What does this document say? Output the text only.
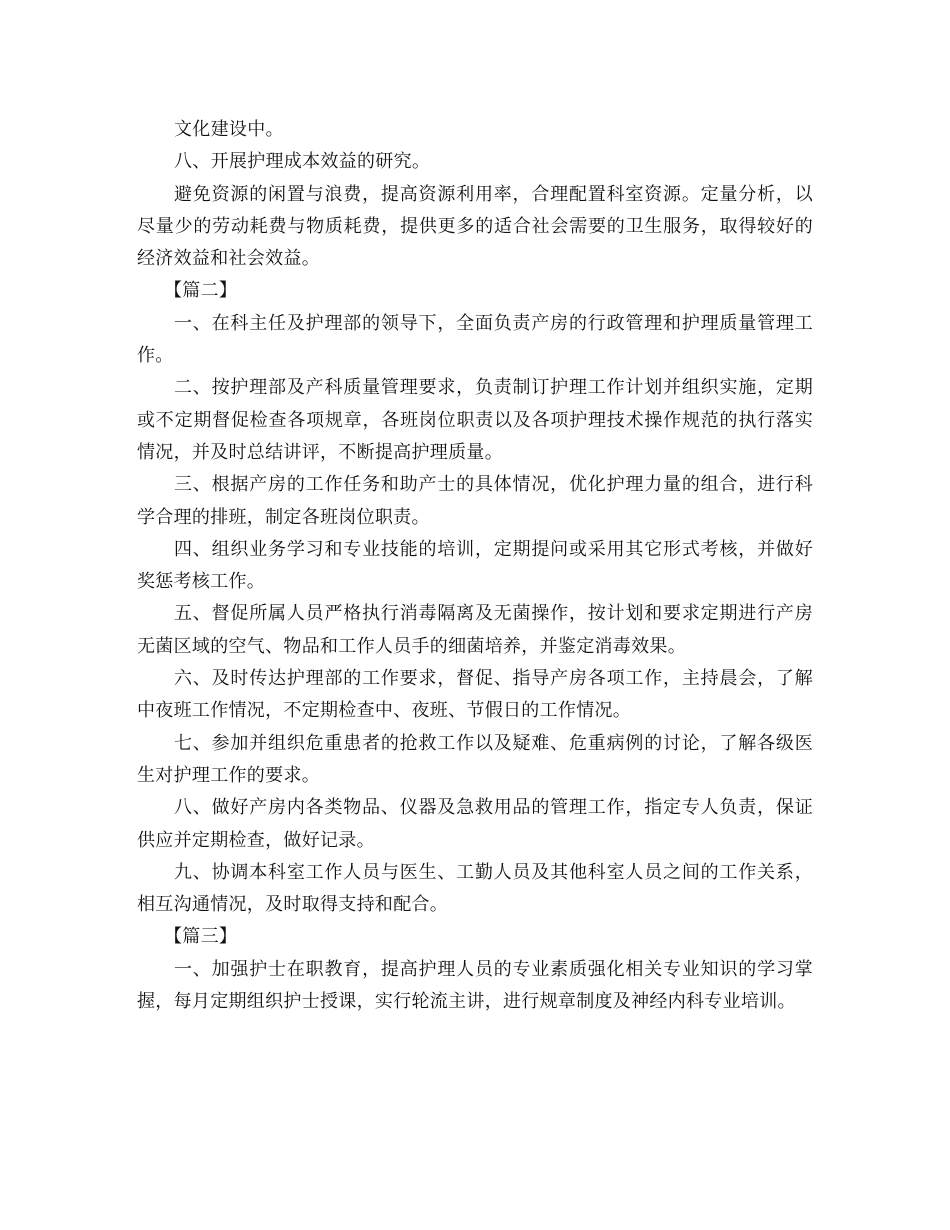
文化建设中。

八、开展护理成本效益的研究。

避免资源的闲置与浪费，提高资源利用率，合理配置科室资源。定量分析，以尽量少的劳动耗费与物质耗费，提供更多的适合社会需要的卫生服务，取得较好的经济效益和社会效益。

【篇二】

一、在科主任及护理部的领导下，全面负责产房的行政管理和护理质量管理工作。

二、按护理部及产科质量管理要求，负责制订护理工作计划并组织实施，定期或不定期督促检查各项规章，各班岗位职责以及各项护理技术操作规范的执行落实情况，并及时总结讲评，不断提高护理质量。

三、根据产房的工作任务和助产士的具体情况，优化护理力量的组合，进行科学合理的排班，制定各班岗位职责。

四、组织业务学习和专业技能的培训，定期提问或采用其它形式考核，并做好奖惩考核工作。

五、督促所属人员严格执行消毒隔离及无菌操作，按计划和要求定期进行产房无菌区域的空气、物品和工作人员手的细菌培养，并鉴定消毒效果。

六、及时传达护理部的工作要求，督促、指导产房各项工作，主持晨会，了解中夜班工作情况，不定期检查中、夜班、节假日的工作情况。

七、参加并组织危重患者的抢救工作以及疑难、危重病例的讨论，了解各级医生对护理工作的要求。

八、做好产房内各类物品、仪器及急救用品的管理工作，指定专人负责，保证供应并定期检查，做好记录。

九、协调本科室工作人员与医生、工勤人员及其他科室人员之间的工作关系，相互沟通情况，及时取得支持和配合。

【篇三】

一、加强护士在职教育，提高护理人员的专业素质强化相关专业知识的学习掌握，每月定期组织护士授课，实行轮流主讲，进行规章制度及神经内科专业培训。
